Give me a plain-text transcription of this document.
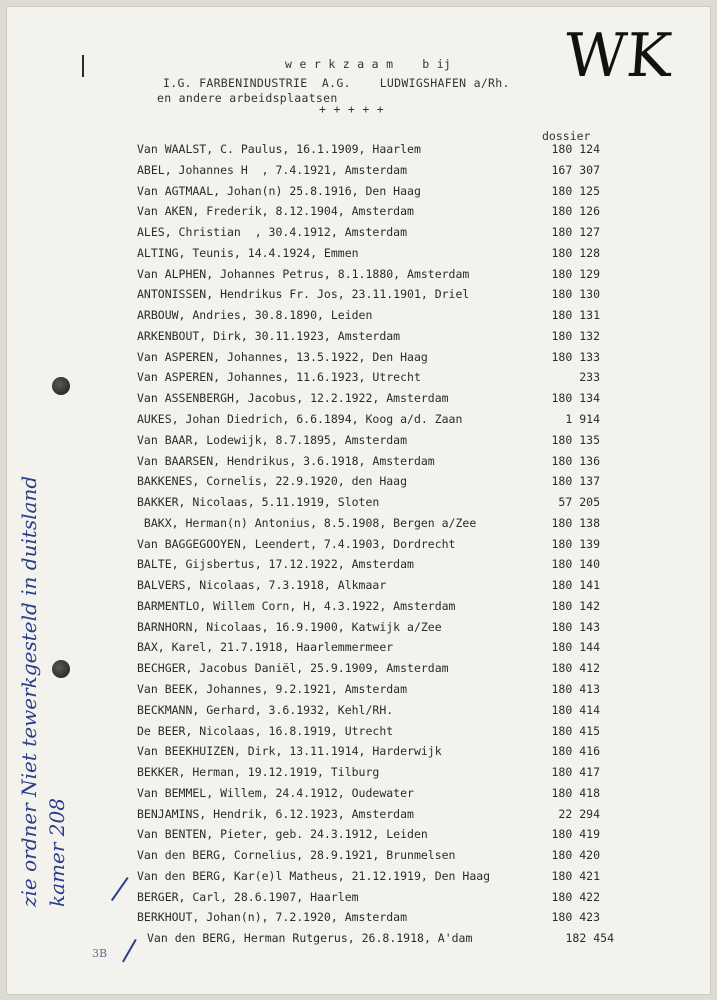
WK
w e r k z a a m    b ij
I.G. FARBENINDUSTRIE  A.G.    LUDWIGSHAFEN a/Rh.
en andere arbeidsplaatsen
+ + + + +
dossier
Van WAALST, C. Paulus, 16.1.1909, Haarlem	180 124
ABEL, Johannes H  , 7.4.1921, Amsterdam	167 307
Van AGTMAAL, Johan(n) 25.8.1916, Den Haag	180 125
Van AKEN, Frederik, 8.12.1904, Amsterdam	180 126
ALES, Christian  , 30.4.1912, Amsterdam	180 127
ALTING, Teunis, 14.4.1924, Emmen	180 128
Van ALPHEN, Johannes Petrus, 8.1.1880, Amsterdam	180 129
ANTONISSEN, Hendrikus Fr. Jos, 23.11.1901, Driel	180 130
ARBOUW, Andries, 30.8.1890, Leiden	180 131
ARKENBOUT, Dirk, 30.11.1923, Amsterdam	180 132
Van ASPEREN, Johannes, 13.5.1922, Den Haag	180 133
Van ASPEREN, Johannes, 11.6.1923, Utrecht	233
Van ASSENBERGH, Jacobus, 12.2.1922, Amsterdam	180 134
AUKES, Johan Diedrich, 6.6.1894, Koog a/d. Zaan	1 914
Van BAAR, Lodewijk, 8.7.1895, Amsterdam	180 135
Van BAARSEN, Hendrikus, 3.6.1918, Amsterdam	180 136
BAKKENES, Cornelis, 22.9.1920, den Haag	180 137
BAKKER, Nicolaas, 5.11.1919, Sloten	57 205
BAKX, Herman(n) Antonius, 8.5.1908, Bergen a/Zee	180 138
Van BAGGEGOOYEN, Leendert, 7.4.1903, Dordrecht	180 139
BALTE, Gijsbertus, 17.12.1922, Amsterdam	180 140
BALVERS, Nicolaas, 7.3.1918, Alkmaar	180 141
BARMENTLO, Willem Corn, H, 4.3.1922, Amsterdam	180 142
BARNHORN, Nicolaas, 16.9.1900, Katwijk a/Zee	180 143
BAX, Karel, 21.7.1918, Haarlemmermeer	180 144
BECHGER, Jacobus Daniël, 25.9.1909, Amsterdam	180 412
Van BEEK, Johannes, 9.2.1921, Amsterdam	180 413
BECKMANN, Gerhard, 3.6.1932, Kehl/RH.	180 414
De BEER, Nicolaas, 16.8.1919, Utrecht	180 415
Van BEEKHUIZEN, Dirk, 13.11.1914, Harderwijk	180 416
BEKKER, Herman, 19.12.1919, Tilburg	180 417
Van BEMMEL, Willem, 24.4.1912, Oudewater	180 418
BENJAMINS, Hendrik, 6.12.1923, Amsterdam	22 294
Van BENTEN, Pieter, geb. 24.3.1912, Leiden	180 419
Van den BERG, Cornelius, 28.9.1921, Brunmelsen	180 420
Van den BERG, Kar(e)l Matheus, 21.12.1919, Den Haag	180 421
BERGER, Carl, 28.6.1907, Haarlem	180 422
BERKHOUT, Johan(n), 7.2.1920, Amsterdam	180 423
Van den BERG, Herman Rutgerus, 26.8.1918, A'dam	182 454
zie ordner Niet tewerkgesteld in duitsland kamer 208
3B
